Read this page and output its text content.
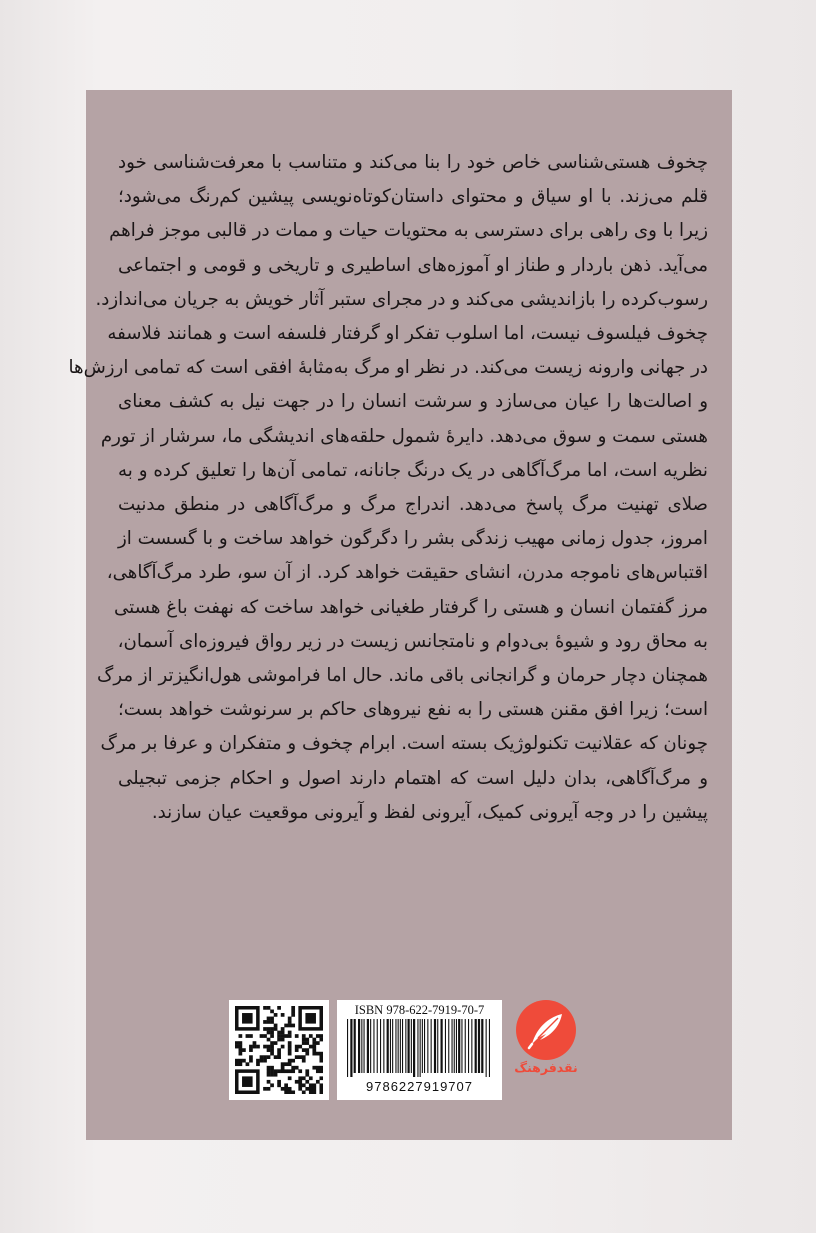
چخوف هستی‌شناسی خاص خود را بنا می‌کند و متناسب با معرفت‌شناسی خود
قلم می‌زند. با او سیاق و محتوای داستان‌کوتاه‌نویسی پیشین کم‌رنگ می‌شود؛
زیرا با وی راهی برای دسترسی به محتویات حیات و ممات در قالبی موجز فراهم
می‌آید. ذهن باردار و طناز او آموزه‌های اساطیری و تاریخی و قومی و اجتماعی
رسوب‌کرده را بازاندیشی می‌کند و در مجرای ستبر آثار خویش به جریان می‌اندازد.
چخوف فیلسوف نیست، اما اسلوب تفکر او گرفتار فلسفه است و همانند فلاسفه
در جهانی وارونه زیست می‌کند. در نظر او مرگ به‌مثابهٔ افقی است که تمامی ارزش‌ها
و اصالت‌ها را عیان می‌سازد و سرشت انسان را در جهت نیل به کشف معنای
هستی سمت و سوق می‌دهد. دایرهٔ شمول حلقه‌های اندیشگی ما، سرشار از تورم
نظریه است، اما مرگ‌آگاهی در یک درنگ جانانه، تمامی آن‌ها را تعلیق کرده و به
صلای تهنیت مرگ پاسخ می‌دهد. اندراج مرگ و مرگ‌آگاهی در منطق مدنیت
امروز، جدول زمانی مهیب زندگی بشر را دگرگون خواهد ساخت و با گسست از
اقتباس‌های ناموجه مدرن، انشای حقیقت خواهد کرد. از آن سو، طرد مرگ‌آگاهی،
مرز گفتمان انسان و هستی را گرفتار طغیانی خواهد ساخت که نهفت باغ هستی
به محاق رود و شیوهٔ بی‌دوام و نامتجانس زیست در زیر رواق فیروزه‌ای آسمان،
همچنان دچار حرمان و گرانجانی باقی ماند. حال اما فراموشی هول‌انگیزتر از مرگ
است؛ زیرا افق مقنن هستی را به نفع نیروهای حاکم بر سرنوشت خواهد بست؛
چونان که عقلانیت تکنولوژیک بسته است. ابرام چخوف و متفکران و عرفا بر مرگ
و مرگ‌آگاهی، بدان دلیل است که اهتمام دارند اصول و احکام جزمی تبجیلی
پیشین را در وجه آیرونی کمیک، آیرونی لفظ و آیرونی موقعیت عیان سازند.
ISBN 978-622-7919-70-7
9786227919707
نقدفرهنگ
